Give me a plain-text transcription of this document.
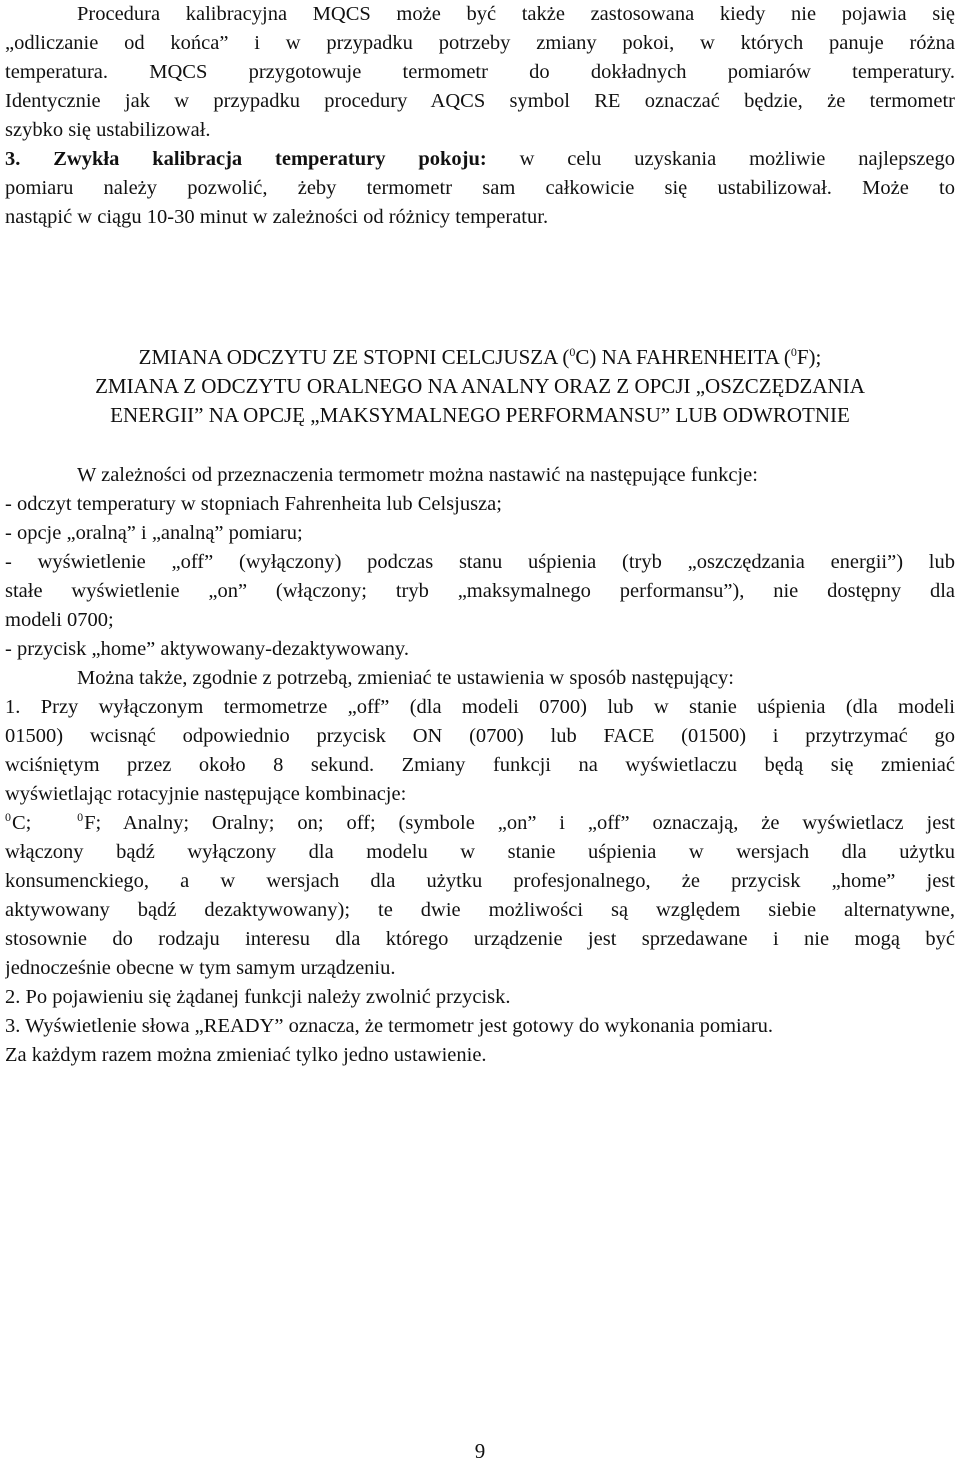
Procedura kalibracyjna MQCS może być także zastosowana kiedy nie pojawia się
„odliczanie od końca” i w przypadku potrzeby zmiany pokoi, w których panuje różna
temperatura. MQCS przygotowuje termometr do dokładnych pomiarów temperatury.
Identycznie jak w przypadku procedury AQCS symbol RE oznaczać będzie, że termometr
szybko się ustabilizował.
3. Zwykła kalibracja temperatury pokoju: w celu uzyskania możliwie najlepszego
pomiaru należy pozwolić, żeby termometr sam całkowicie się ustabilizował. Może to
nastąpić w ciągu 10-30 minut w zależności od różnicy temperatur.
ZMIANA ODCZYTU ZE STOPNI CELCJUSZA ($^0$C) NA FAHRENHEITA ($^0$F);
ZMIANA Z ODCZYTU ORALNEGO NA ANALNY ORAZ Z OPCJI „OSZCZĘDZANIA
ENERGII” NA OPCJĘ „MAKSYMALNEGO PERFORMANSU” LUB ODWROTNIE
W zależności od przeznaczenia termometr można nastawić na następujące funkcje:
- odczyt temperatury w stopniach Fahrenheita lub Celsjusza;
- opcje „oralną” i „analną” pomiaru;
- wyświetlenie „off” (wyłączony) podczas stanu uśpienia (tryb „oszczędzania energii”) lub
stałe wyświetlenie „on” (włączony; tryb „maksymalnego performansu”), nie dostępny dla
modeli 0700;
- przycisk „home” aktywowany-dezaktywowany.
Można także, zgodnie z potrzebą, zmieniać te ustawienia w sposób następujący:
1. Przy wyłączonym termometrze „off” (dla modeli 0700) lub w stanie uśpienia (dla modeli
01500) wcisnąć odpowiednio przycisk ON (0700) lub FACE (01500) i przytrzymać go
wciśniętym przez około 8 sekund. Zmiany funkcji na wyświetlaczu będą się zmieniać
wyświetlając rotacyjnie następujące kombinacje:
$^0$C;	$^0$F; Analny; Oralny; on; off; (symbole „on” i „off” oznaczają, że wyświetlacz jest
włączony bądź wyłączony dla modelu w stanie uśpienia w wersjach dla użytku
konsumenckiego, a w wersjach dla użytku profesjonalnego, że przycisk „home” jest
aktywowany bądź dezaktywowany); te dwie możliwości są względem siebie alternatywne,
stosownie do rodzaju interesu dla którego urządzenie jest sprzedawane i nie mogą być
jednocześnie obecne w tym samym urządzeniu.
2. Po pojawieniu się żądanej funkcji należy zwolnić przycisk.
3. Wyświetlenie słowa „READY” oznacza, że termometr jest gotowy do wykonania pomiaru.
Za każdym razem można zmieniać tylko jedno ustawienie.
9
